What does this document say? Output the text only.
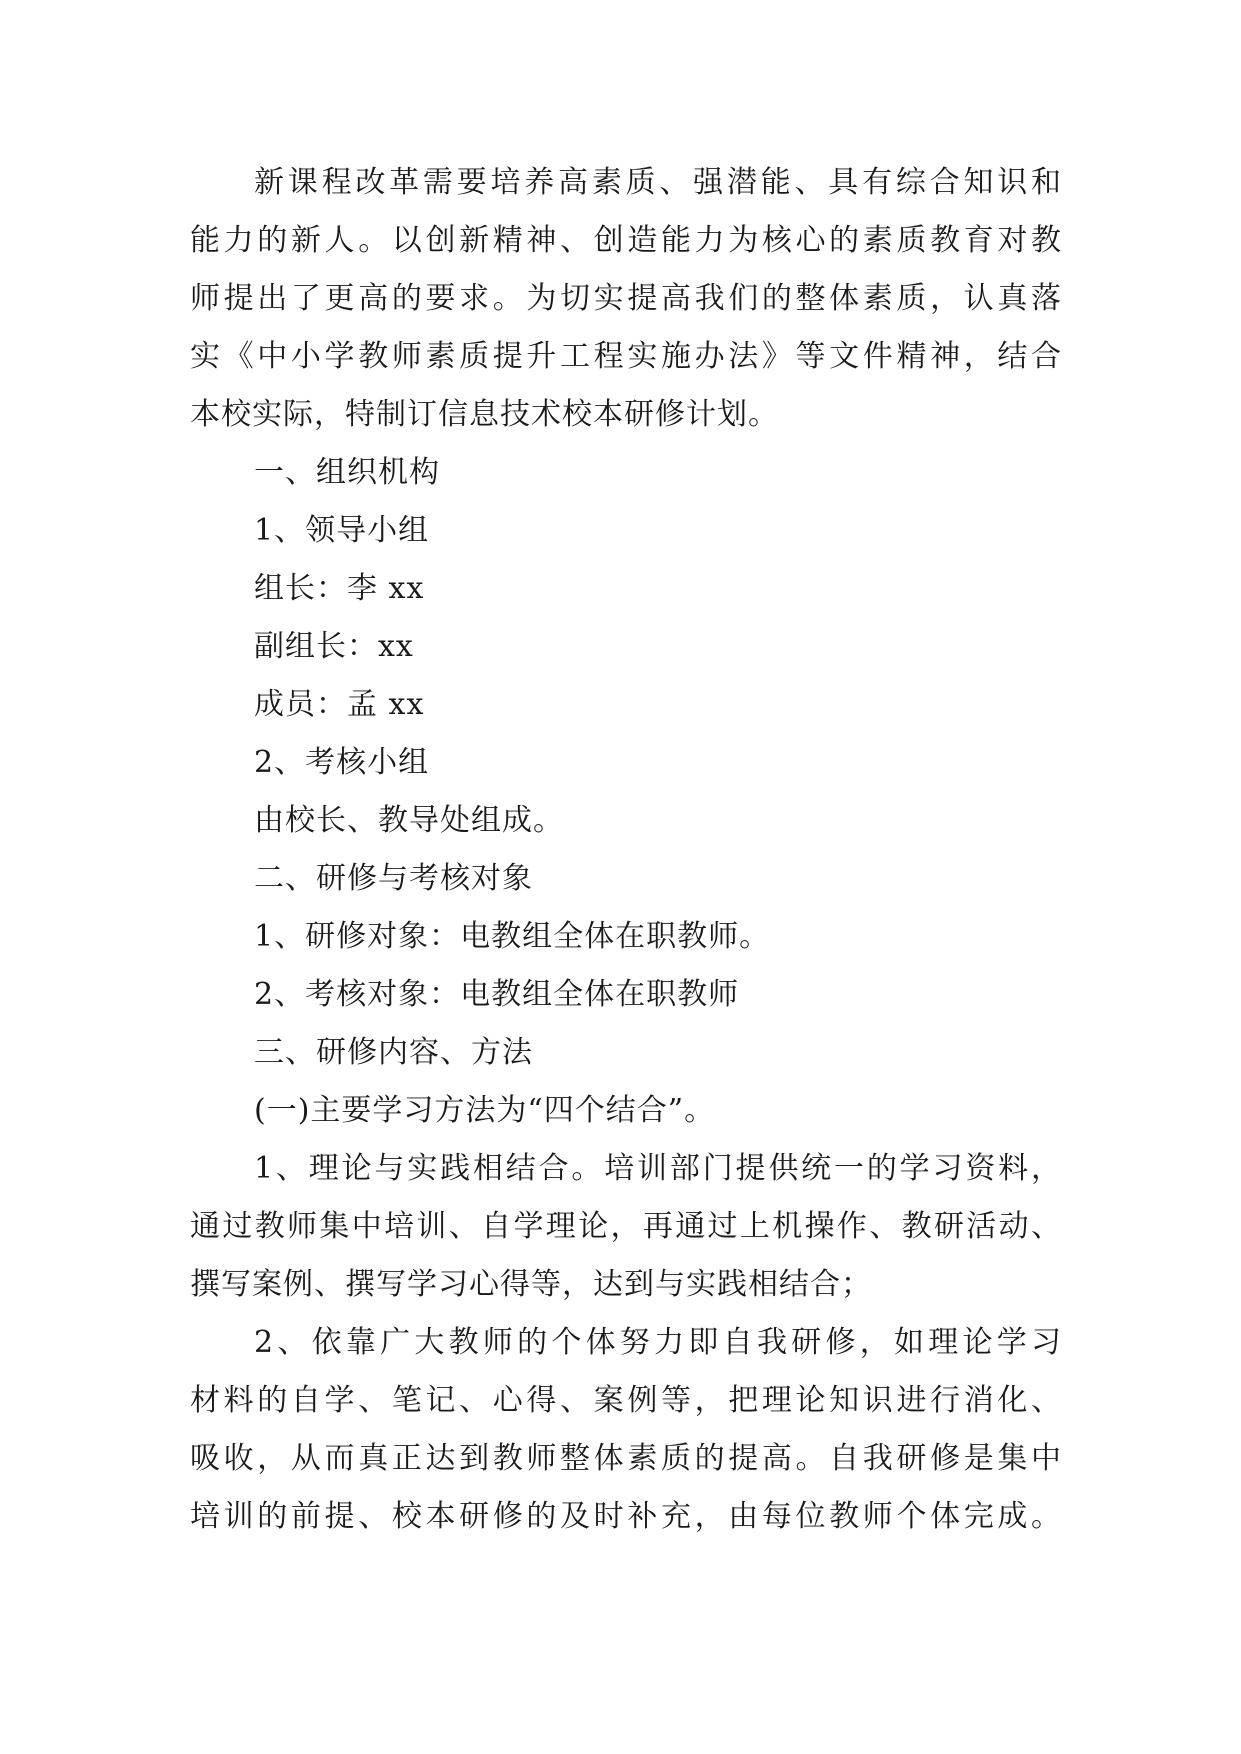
新课程改革需要培养高素质、强潜能、具有综合知识和
能力的新人。以创新精神、创造能力为核心的素质教育对教
师提出了更高的要求。为切实提高我们的整体素质，认真落
实《中小学教师素质提升工程实施办法》等文件精神，结合
本校实际，特制订信息技术校本研修计划。
一、组织机构
1、领导小组
组长：李 xx
副组长：xx
成员：孟 xx
2、考核小组
由校长、教导处组成。
二、研修与考核对象
1、研修对象：电教组全体在职教师。
2、考核对象：电教组全体在职教师
三、研修内容、方法
(一)主要学习方法为“四个结合”。
1、理论与实践相结合。培训部门提供统一的学习资料，
通过教师集中培训、自学理论，再通过上机操作、教研活动、
撰写案例、撰写学习心得等，达到与实践相结合；
2、依靠广大教师的个体努力即自我研修，如理论学习
材料的自学、笔记、心得、案例等，把理论知识进行消化、
吸收，从而真正达到教师整体素质的提高。自我研修是集中
培训的前提、校本研修的及时补充，由每位教师个体完成。
